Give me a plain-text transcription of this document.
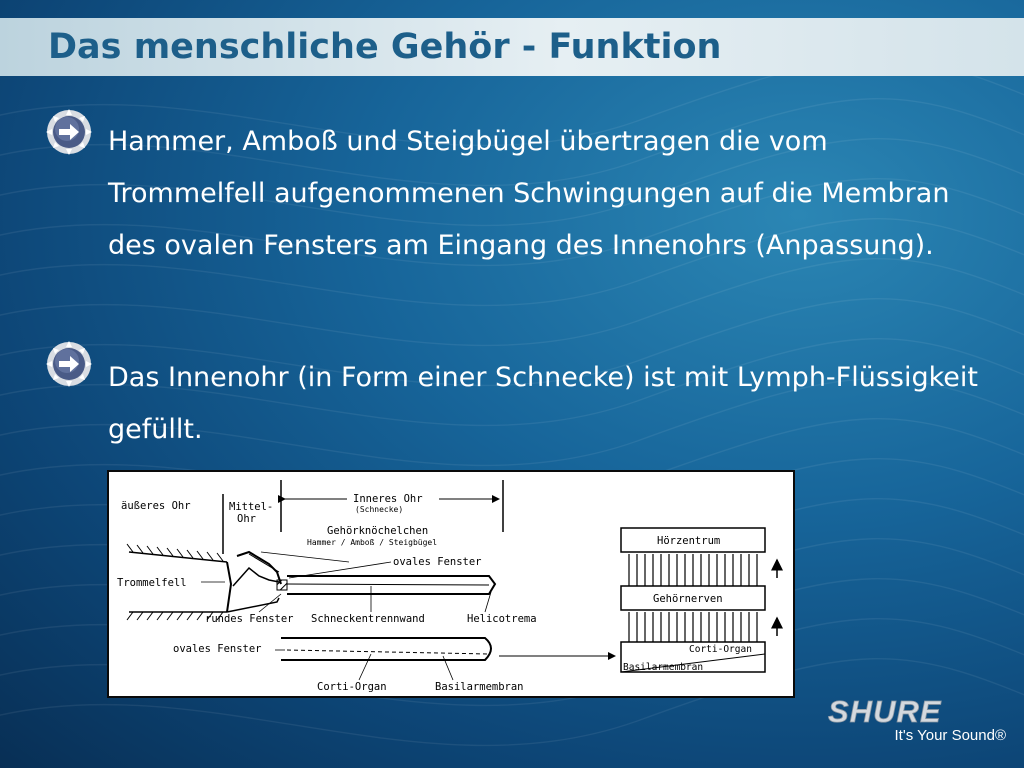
Das menschliche Gehör - Funktion

Hammer, Amboß und Steigbügel übertragen die vom Trommelfell aufgenommenen Schwingungen auf die Membran des ovalen Fensters am Eingang des Innenohrs (Anpassung).

Das Innenohr (in Form einer Schnecke) ist mit Lymph-Flüssigkeit gefüllt.

äußeres Ohr	Mittel-
Ohr
Inneres Ohr
(Schnecke)
Gehörknöchelchen
Hammer / Amboß / Steigbügel
ovales Fenster
Trommelfell
rundes Fenster Schneckentrennwand	Helicotrema
ovales Fenster
Corti-Organ	Basilarmembran
Hörzentrum
Gehörnerven
Corti-Organ
Basilarmembran
SHURE

It's Your Sound®
